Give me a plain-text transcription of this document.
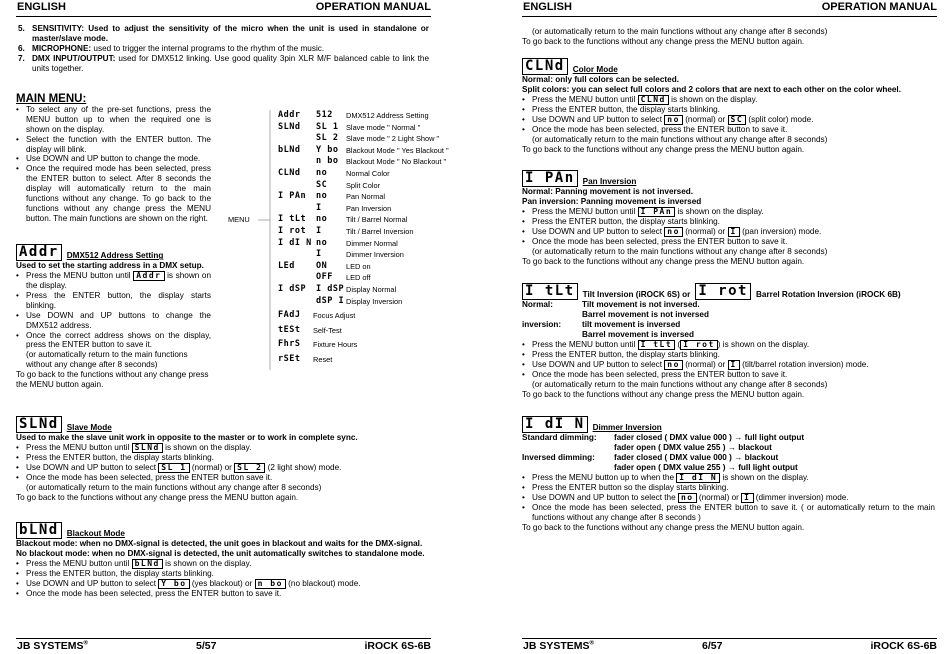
ENGLISH	OPERATION MANUAL
5. SENSITIVITY: Used to adjust the sensitivity of the micro when the unit is used in standalone or master/slave mode.
6. MICROPHONE: used to trigger the internal programs to the rhythm of the music.
7. DMX INPUT/OUTPUT: used for DMX512 linking. Use good quality 3pin XLR M/F balanced cable to link the units together.
MAIN MENU:
• To select any of the pre-set functions, press the MENU button up to when the required one is shown on the display.
• Select the function with the ENTER button. The display will blink.
• Use DOWN and UP button to change the mode.
• Once the required mode has been selected, press the ENTER button to select. After 8 seconds the display will automatically return to the main functions without any change. To go back to the functions without any change press the MENU button. The main functions are shown on the right.
Addr DMX512 Address Setting
Used to set the starting address in a DMX setup.
• Press the MENU button until Addr is shown on the display.
• Press the ENTER button, the display starts blinking.
• Use DOWN and UP buttons to change the DMX512 address.
• Once the correct address shows on the display, press the ENTER button to save it.
(or automatically return to the main functions without any change after 8 seconds)
To go back to the functions without any change press the MENU button again.
SLNd Slave Mode
Used to make the slave unit work in opposite to the master or to work in complete sync.
• Press the MENU button until SLNd is shown on the display.
• Press the ENTER button, the display starts blinking.
• Use DOWN and UP button to select SL 1 (normal) or SL 2 (2 light show) mode.
• Once the mode has been selected, press the ENTER button save it.
(or automatically return to the main functions without any change after 8 seconds)
To go back to the functions without any change press the MENU button again.
bLNd Blackout Mode
Blackout mode: when no DMX-signal is detected, the unit goes in blackout and waits for the DMX-signal.
No blackout mode: when no DMX-signal is detected, the unit automatically switches to standalone mode.
• Press the MENU button until bLNd is shown on the display.
• Press the ENTER button, the display starts blinking.
• Use DOWN and UP button to select Y bo (yes blackout) or n bo (no blackout) mode.
• Once the mode has been selected, press the ENTER button to save it.
MENU
Addr 512 DMX512 Address Setting
SLNd SL 1 Slave mode " Normal "
SL 2 Slave mode " 2 Light Show "
bLNd Y bo Blackout Mode " Yes Blackout "
n bo Blackout Mode " No Blackout "
CLNd no	Normal Color
SC	Split Color
I PAn no	Pan Normal
I	Pan Inversion
I tLt no	Tilt / Barrel Normal
I rot I	Tilt / Barrel Inversion
I dI N no	Dimmer Normal
I	Dimmer Inversion
LEd ON	LED on
OFF LED off
I dSP I dSP Display Normal
dSP I Display Inversion
FAdJ Focus Adjust
tESt Self-Test
FhrS Fixture Hours
rSEt Reset
JB SYSTEMS®	5/57	iROCK 6S-6B
ENGLISH	OPERATION MANUAL
(or automatically return to the main functions without any change after 8 seconds)
To go back to the functions without any change press the MENU button again.
CLNd Color Mode
Normal: only full colors can be selected.
Split colors: you can select full colors and 2 colors that are next to each other on the color wheel.
• Press the MENU button until CLNd is shown on the display.
• Press the ENTER button, the display starts blinking.
• Use DOWN and UP button to select no (normal) or SC (split color) mode.
• Once the mode has been selected, press the ENTER button to save it.
(or automatically return to the main functions without any change after 8 seconds)
To go back to the functions without any change press the MENU button again.
I PAn Pan Inversion
Normal: Panning movement is not inversed.
Pan inversion: Panning movement is inversed
• Press the MENU button until I PAn is shown on the display.
• Press the ENTER button, the display starts blinking.
• Use DOWN and UP button to select no (normal) or I (pan inversion) mode.
• Once the mode has been selected, press the ENTER button to save it.
(or automatically return to the main functions without any change after 8 seconds)
To go back to the functions without any change press the MENU button again.
I tLt Tilt Inversion (iROCK 6S) or I rot Barrel Rotation Inversion (iROCK 6B)
Normal:	Tilt movement is not inversed.
Barrel movement is not inversed
inversion:	tilt movement is inversed
Barrel movement is inversed
• Press the MENU button until I tLt ( I rot ) is shown on the display.
• Press the ENTER button, the display starts blinking.
• Use DOWN and UP button to select no (normal) or I (tilt/barrel rotation inversion) mode.
• Once the mode has been selected, press the ENTER button to save it.
(or automatically return to the main functions without any change after 8 seconds)
To go back to the functions without any change press the MENU button again.
I dI N Dimmer Inversion
Standard dimming:	fader closed ( DMX value 000 ) → full light output
fader open ( DMX value 255 ) → blackout
Inversed dimming:	fader closed ( DMX value 000 ) → blackout
fader open ( DMX value 255 ) → full light output
• Press the MENU button up to when the I dI N is shown on the display.
• Press the ENTER button so the display starts blinking.
• Use DOWN and UP button to select the no (normal) or I (dimmer inversion) mode.
• Once the mode has been selected, press the ENTER button to save it. ( or automatically return to the main functions without any change after 8 seconds )
To go back to the functions without any change press the MENU button again.
JB SYSTEMS®	6/57	iROCK 6S-6B
